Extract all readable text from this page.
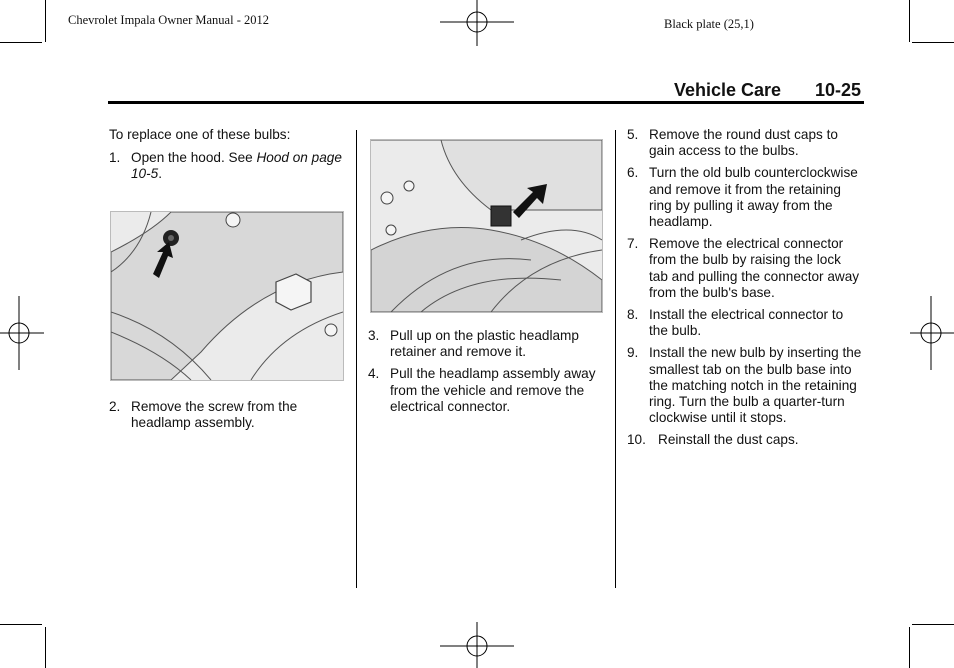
Chevrolet Impala Owner Manual - 2012	Black plate (25,1)
Vehicle Care 10-25
To replace one of these bulbs:
1. Open the hood. See Hood on page 10-5.
2. Remove the screw from the headlamp assembly.
3. Pull up on the plastic headlamp retainer and remove it.
4. Pull the headlamp assembly away from the vehicle and remove the electrical connector.
5. Remove the round dust caps to gain access to the bulbs.
6. Turn the old bulb counterclockwise and remove it from the retaining ring by pulling it away from the headlamp.
7. Remove the electrical connector from the bulb by raising the lock tab and pulling the connector away from the bulb's base.
8. Install the electrical connector to the bulb.
9. Install the new bulb by inserting the smallest tab on the bulb base into the matching notch in the retaining ring. Turn the bulb a quarter-turn clockwise until it stops.
10. Reinstall the dust caps.
